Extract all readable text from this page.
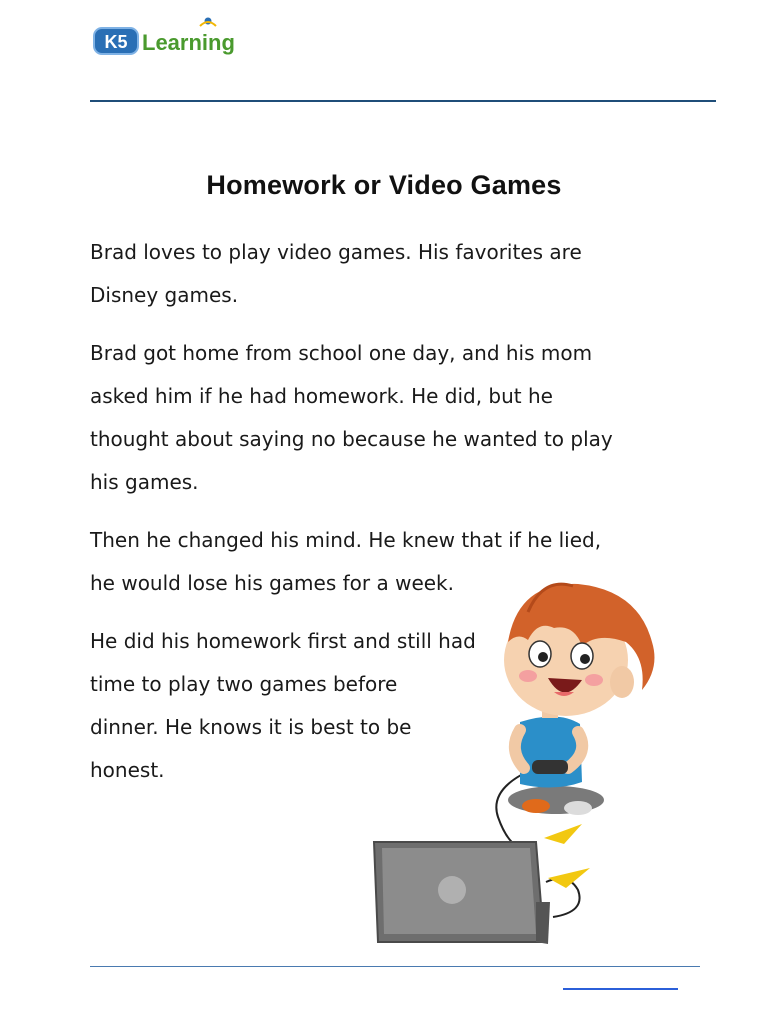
K5 Learning
Homework or Video Games

Brad loves to play video games. His favorites are
Disney games.

Brad got home from school one day, and his mom
asked him if he had homework. He did, but he
thought about saying no because he wanted to play
his games.

Then he changed his mind. He knew that if he lied,
he would lose his games for a week.

He did his homework first and still had
time to play two games before
dinner. He knows it is best to be
honest.
